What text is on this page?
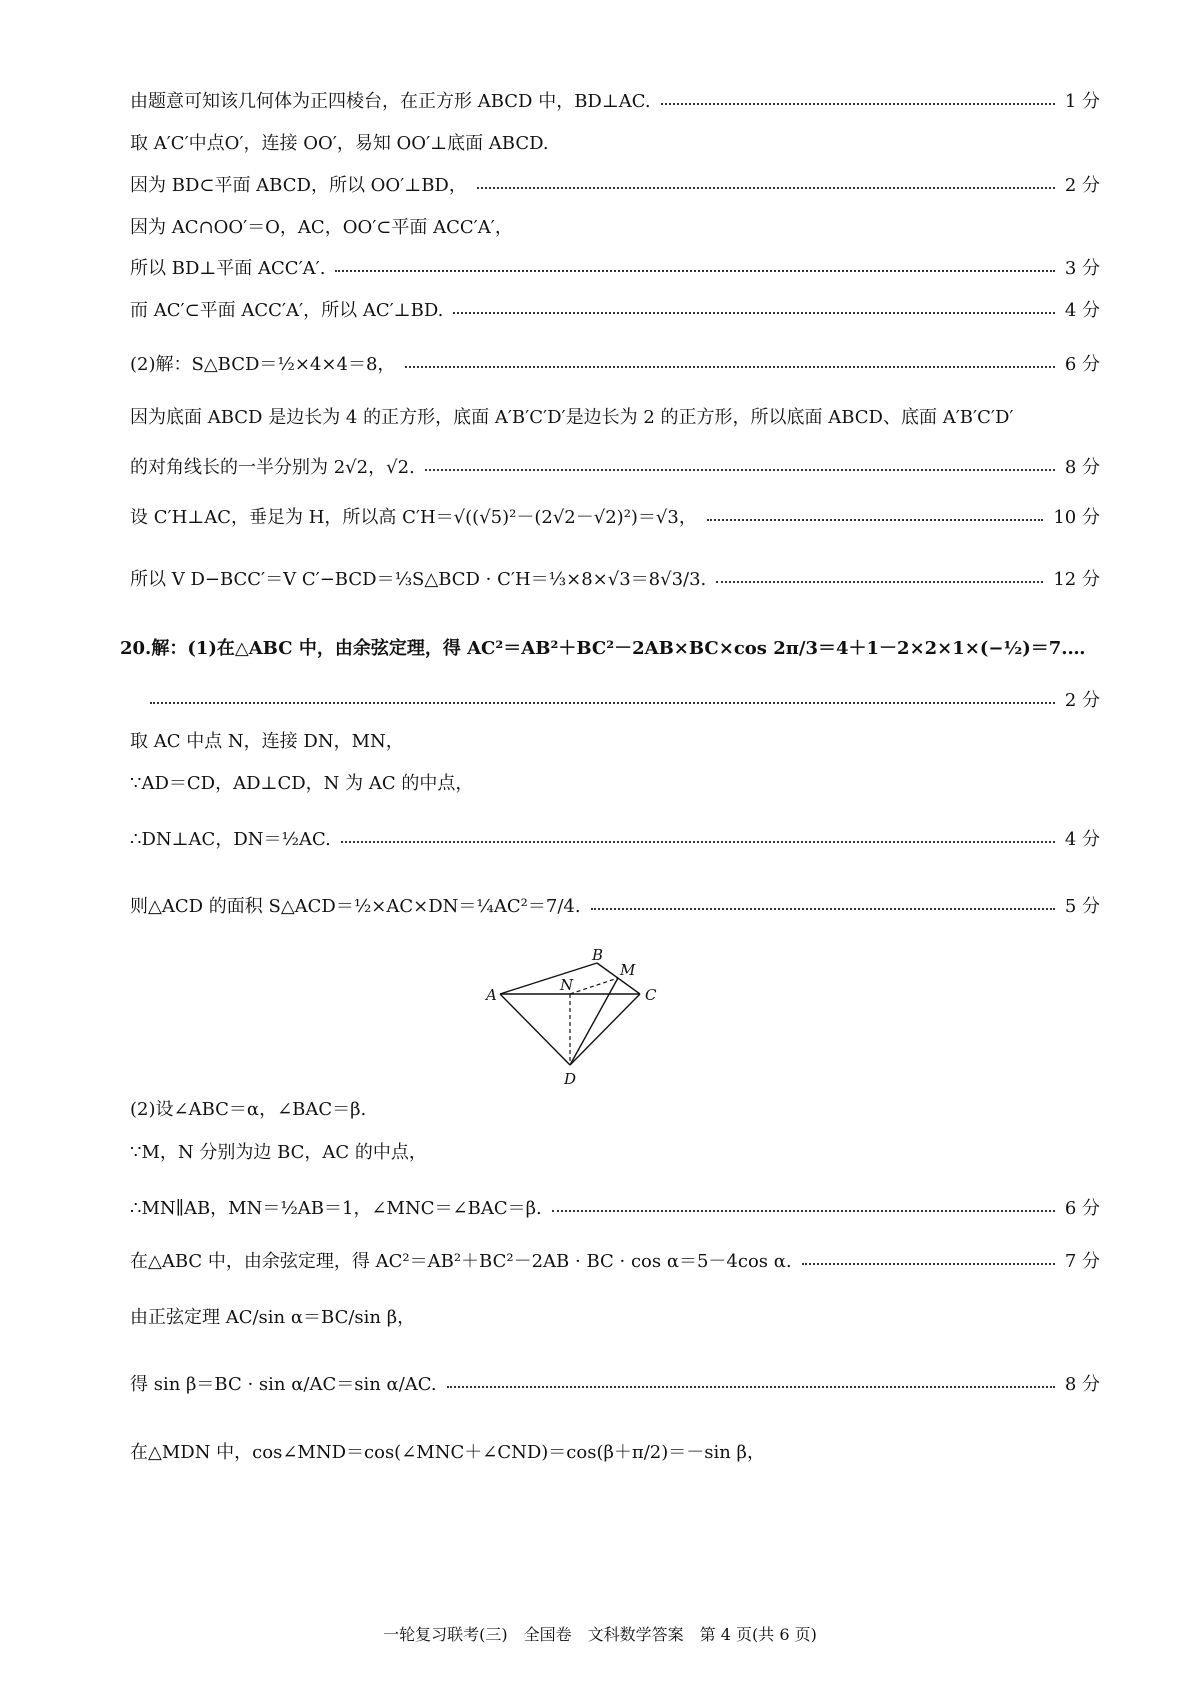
由题意可知该几何体为正四棱台，在正方形 ABCD 中，BD⊥AC.	1 分
取 A′C′中点O′，连接 OO′，易知 OO′⊥底面 ABCD.
因为 BD⊂平面 ABCD，所以 OO′⊥BD，	2 分
因为 AC∩OO′＝O，AC，OO′⊂平面 ACC′A′，
所以 BD⊥平面 ACC′A′.	3 分
而 AC′⊂平面 ACC′A′，所以 AC′⊥BD.	4 分
(2)解：S△BCD＝½×4×4＝8，	6 分
因为底面 ABCD 是边长为 4 的正方形，底面 A′B′C′D′是边长为 2 的正方形，所以底面 ABCD、底面 A′B′C′D′
的对角线长的一半分别为 2√2，√2.	8 分
设 C′H⊥AC，垂足为 H，所以高 C′H＝√((√5)²－(2√2－√2)²)＝√3，	10 分
所以 V D−BCC′＝V C′−BCD＝⅓S△BCD · C′H＝⅓×8×√3＝8√3/3.	12 分
20.解：(1)在△ABC 中，由余弦定理，得 AC²＝AB²＋BC²－2AB×BC×cos 2π/3＝4＋1－2×2×1×(−½)＝7.…
2 分
取 AC 中点 N，连接 DN，MN，
∵AD＝CD，AD⊥CD，N 为 AC 的中点，
∴DN⊥AC，DN＝½AC.	4 分
则△ACD 的面积 S△ACD＝½×AC×DN＝¼AC²＝7/4.	5 分
A
B
C
D
M
N
(2)设∠ABC＝α，∠BAC＝β.
∵M，N 分别为边 BC，AC 的中点，
∴MN∥AB，MN＝½AB＝1，∠MNC＝∠BAC＝β.	6 分
在△ABC 中，由余弦定理，得 AC²＝AB²＋BC²－2AB · BC · cos α＝5－4cos α.	7 分
由正弦定理 AC/sin α＝BC/sin β，
得 sin β＝BC · sin α/AC＝sin α/AC.	8 分
在△MDN 中，cos∠MND＝cos(∠MNC＋∠CND)＝cos(β＋π/2)＝－sin β，
一轮复习联考(三)　全国卷　文科数学答案　第 4 页(共 6 页)
